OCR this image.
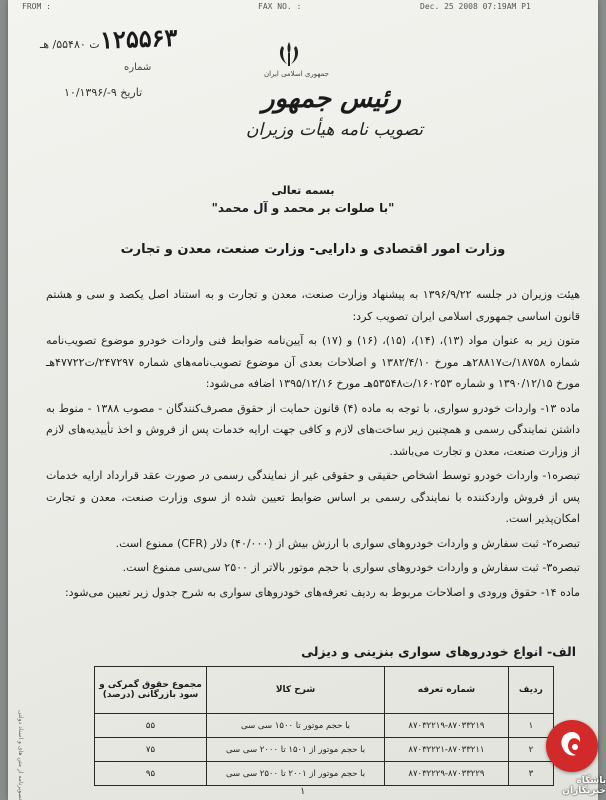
FROM :	FAX NO. :	Dec. 25 2008 07:19AM P1
۱۲۵۵۶۳
ت ۵۵۴۸۰/ هـ
شماره
تاریخ ۹-/۱۰/۱۳۹۶
جمهوری اسلامی ایران
رئیس جمهور
تصویب نامه هیأت وزیران
بسمه تعالی
"با صلوات بر محمد و آل محمد"
وزارت امور اقتصادی و دارایی- وزارت صنعت، معدن و تجارت

هیئت وزیران در جلسه ۱۳۹۶/۹/۲۲ به پیشنهاد وزارت صنعت، معدن و تجارت و به استناد اصل یکصد و سی و هشتم قانون اساسی جمهوری اسلامی ایران تصویب کرد:

متون زیر به عنوان مواد (۱۳)، (۱۴)، (۱۵)، (۱۶) و (۱۷) به آیین‌نامه ضوابط فنی واردات خودرو موضوع تصویب‌نامه شماره ۱۸۷۵۸/ت۲۸۸۱۷هـ مورخ ۱۳۸۲/۴/۱۰ و اصلاحات بعدی آن موضوع تصویب‌نامه‌های شماره ۲۴۷۲۹۷/ت۴۷۷۲۲هـ مورخ ۱۳۹۰/۱۲/۱۵ و شماره ۱۶۰۲۵۳/ت۵۳۵۴۸هـ مورخ ۱۳۹۵/۱۲/۱۶ اضافه می‌شود:

ماده ۱۳- واردات خودرو سواری، با توجه به ماده (۴) قانون حمایت از حقوق مصرف‌کنندگان - مصوب ۱۳۸۸ - منوط به داشتن نمایندگی رسمی و همچنین زیر ساخت‌های لازم و کافی جهت ارایه خدمات پس از فروش و اخذ تأییدیه‌های لازم از وزارت صنعت، معدن و تجارت می‌باشد.

تبصره۱- واردات خودرو توسط اشخاص حقیقی و حقوقی غیر از نمایندگی رسمی در صورت عقد قرارداد ارایه خدمات پس از فروش واردکننده با نمایندگی رسمی بر اساس ضوابط تعیین شده از سوی وزارت صنعت، معدن و تجارت امکان‌پذیر است.

تبصره۲- ثبت سفارش و واردات خودروهای سواری با ارزش بیش از (۴۰/۰۰۰) دلار (CFR) ممنوع است.

تبصره۳- ثبت سفارش و واردات خودروهای سواری با حجم موتور بالاتر از ۲۵۰۰ سی‌سی ممنوع است.

ماده ۱۴- حقوق ورودی و اصلاحات مربوط به ردیف تعرفه‌های خودروهای سواری به شرح جدول زیر تعیین می‌شود:

الف- انواع خودروهای سواری بنزینی و دیزلی
ردیف	شماره تعرفه	شرح کالا	مجموع حقوق گمرکی و سود بازرگانی (درصد)
۱	۸۷۰۳۲۲۱۹-۸۷۰۳۳۲۱۹	با حجم موتور تا ۱۵۰۰ سی سی	۵۵
۲	۸۷۰۳۲۲۲۱-۸۷۰۳۳۲۱۱	با حجم موتور از ۱۵۰۱ تا ۲۰۰۰ سی سی	۷۵
۳	۸۷۰۳۲۲۲۹-۸۷۰۳۳۲۲۹	با حجم موتور از ۲۰۰۱ تا ۲۵۰۰ سی سی	۹۵
تصویرنامه از متن های و اسناد دولتی	۱
باشگاه خبرنگاران
